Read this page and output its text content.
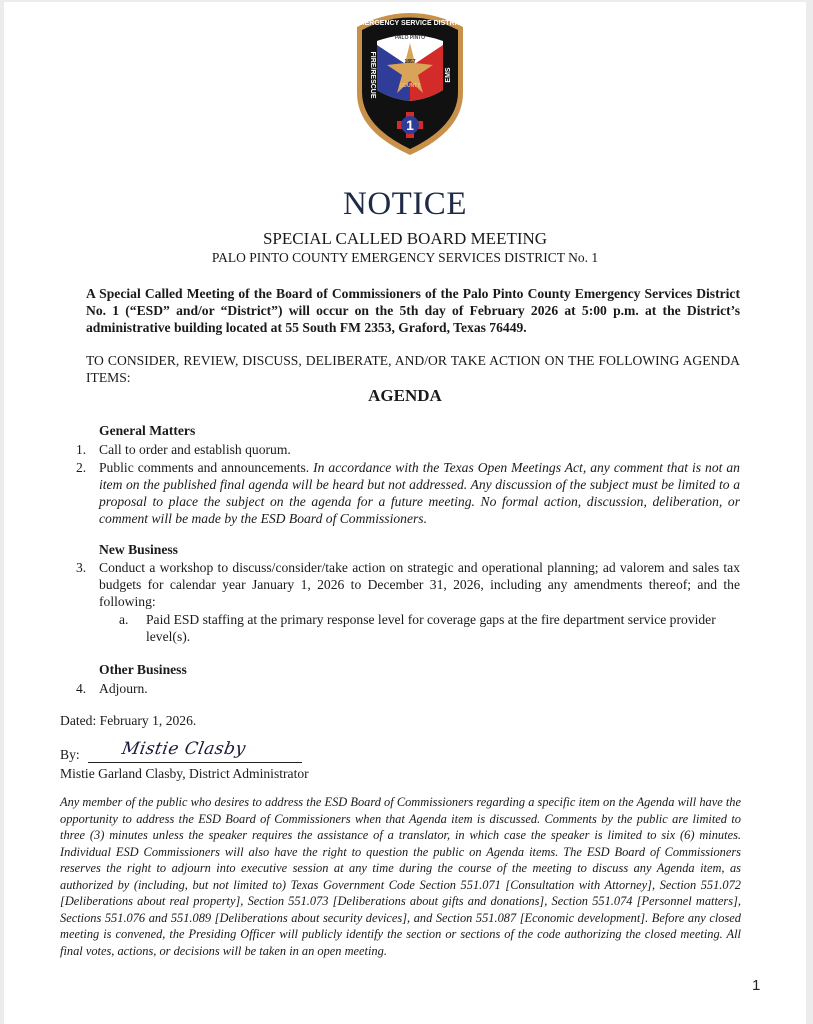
1
EMERGENCY SERVICE DISTRICT
PALO PINTO
1857
COUNTY
FIRE/RESCUE	EMS
NOTICE
SPECIAL CALLED BOARD MEETING
PALO PINTO COUNTY EMERGENCY SERVICES DISTRICT No. 1
A Special Called Meeting of the Board of Commissioners of the Palo Pinto County Emergency Services District No. 1 (“ESD” and/or “District”) will occur on the 5th day of February 2026 at 5:00 p.m. at the District’s administrative building located at 55 South FM 2353, Graford, Texas 76449.
TO CONSIDER, REVIEW, DISCUSS, DELIBERATE, AND/OR TAKE ACTION ON THE FOLLOWING AGENDA ITEMS:
AGENDA
General Matters
1. Call to order and establish quorum.
2. Public comments and announcements. In accordance with the Texas Open Meetings Act, any comment that is not an item on the published final agenda will be heard but not addressed. Any discussion of the subject must be limited to a proposal to place the subject on the agenda for a future meeting. No formal action, discussion, deliberation, or comment will be made by the ESD Board of Commissioners.
New Business
3. Conduct a workshop to discuss/consider/take action on strategic and operational planning; ad valorem and sales tax budgets for calendar year January 1, 2026 to December 31, 2026, including any amendments thereof; and the following:
a. Paid ESD staffing at the primary response level for coverage gaps at the fire department service provider level(s).
Other Business
4. Adjourn.
Dated: February 1, 2026.
By: Mistie Clasby
Mistie Garland Clasby, District Administrator
Any member of the public who desires to address the ESD Board of Commissioners regarding a specific item on the Agenda will have the opportunity to address the ESD Board of Commissioners when that Agenda item is discussed. Comments by the public are limited to three (3) minutes unless the speaker requires the assistance of a translator, in which case the speaker is limited to six (6) minutes. Individual ESD Commissioners will also have the right to question the public on Agenda items. The ESD Board of Commissioners reserves the right to adjourn into executive session at any time during the course of the meeting to discuss any Agenda item, as authorized by (including, but not limited to) Texas Government Code Section 551.071 [Consultation with Attorney], Section 551.072 [Deliberations about real property], Section 551.073 [Deliberations about gifts and donations], Section 551.074 [Personnel matters], Sections 551.076 and 551.089 [Deliberations about security devices], and Section 551.087 [Economic development]. Before any closed meeting is convened, the Presiding Officer will publicly identify the section or sections of the code authorizing the closed meeting. All final votes, actions, or decisions will be taken in an open meeting.
1
